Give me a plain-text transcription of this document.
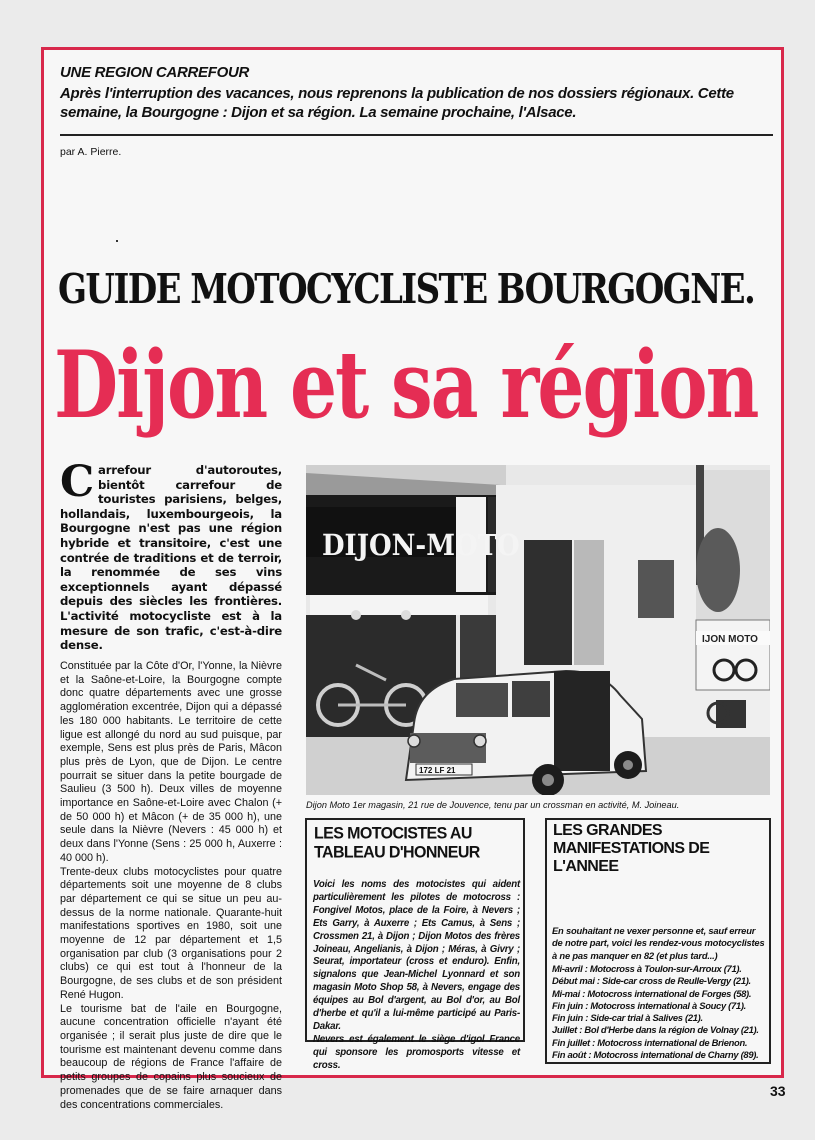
UNE REGION CARREFOUR
Après l'interruption des vacances, nous reprenons la publication de nos dossiers régionaux. Cette semaine, la Bourgogne : Dijon et sa région. La semaine prochaine, l'Alsace.
par A. Pierre.
GUIDE MOTOCYCLISTE BOURGOGNE.
Dijon et sa région
Carrefour d'autoroutes, bientôt carrefour de touristes parisiens, belges, hollandais, luxembourgeois, la Bourgogne n'est pas une région hybride et transitoire, c'est une contrée de traditions et de terroir, la renommée de ses vins exceptionnels ayant dépassé depuis des siècles les frontières. L'activité motocycliste est à la mesure de son trafic, c'est-à-dire dense.

Constituée par la Côte d'Or, l'Yonne, la Nièvre et la Saône-et-Loire, la Bourgogne compte donc quatre départements avec une grosse agglomération excentrée, Dijon qui a dépassé les 180 000 habitants. Le territoire de cette ligue est allongé du nord au sud puisque, par exemple, Sens est plus près de Paris, Mâcon plus près de Lyon, que de Dijon. Le centre pourrait se situer dans la petite bourgade de Saulieu (3 500 h). Deux villes de moyenne importance en Saône-et-Loire avec Chalon (+ de 50 000 h) et Mâcon (+ de 35 000 h), une seule dans la Nièvre (Nevers : 45 000 h) et deux dans l'Yonne (Sens : 25 000 h, Auxerre : 40 000 h).

Trente-deux clubs motocyclistes pour quatre départements soit une moyenne de 8 clubs par département ce qui se situe un peu au-dessus de la norme nationale. Quarante-huit manifestations sportives en 1980, soit une moyenne de 12 par département et 1,5 organisation par club (3 organisations pour 2 clubs) ce qui est tout à l'honneur de la Bourgogne, de ses clubs et de son président René Hugon.

Le tourisme bat de l'aile en Bourgogne, aucune concentration officielle n'ayant été organisée ; il serait plus juste de dire que le tourisme est maintenant devenu comme dans beaucoup de régions de France l'affaire de petits groupes de copains plus soucieux de promenades que de se faire arnaquer dans des concentrations commerciales.

IJON MOTO
DIJON-MOTO
172 LF 21
Dijon Moto 1er magasin, 21 rue de Jouvence, tenu par un crossman en activité, M. Joineau.
LES MOTOCISTES AU TABLEAU D'HONNEUR

Voici les noms des motocistes qui aident particulièrement les pilotes de motocross : Fongivel Motos, place de la Foire, à Nevers ; Ets Garry, à Auxerre ; Ets Camus, à Sens ; Crossmen 21, à Dijon ; Dijon Motos des frères Joineau, Angelianis, à Dijon ; Méras, à Givry ; Seurat, importateur (cross et enduro). Enfin, signalons que Jean-Michel Lyonnard et son magasin Moto Shop 58, à Nevers, engage des équipes au Bol d'argent, au Bol d'or, au Bol d'herbe et qu'il a lui-même participé au Paris-Dakar.

Nevers est également le siège d'igol France qui sponsore les promosports vitesse et cross.

LES GRANDES MANIFESTATIONS DE L'ANNEE
En souhaitant ne vexer personne et, sauf erreur de notre part, voici les rendez-vous motocyclistes à ne pas manquer en 82 (et plus tard...)
Mi-avril : Motocross à Toulon-sur-Arroux (71).
Début mai : Side-car cross de Reulle-Vergy (21).
Mi-mai : Motocross international de Forges (58).
Fin juin : Motocross international à Soucy (71).
Fin juin : Side-car trial à Salives (21).
Juillet : Bol d'Herbe dans la région de Volnay (21).
Fin juillet : Motocross international de Brienon.
Fin août : Motocross international de Charny (89).
33
